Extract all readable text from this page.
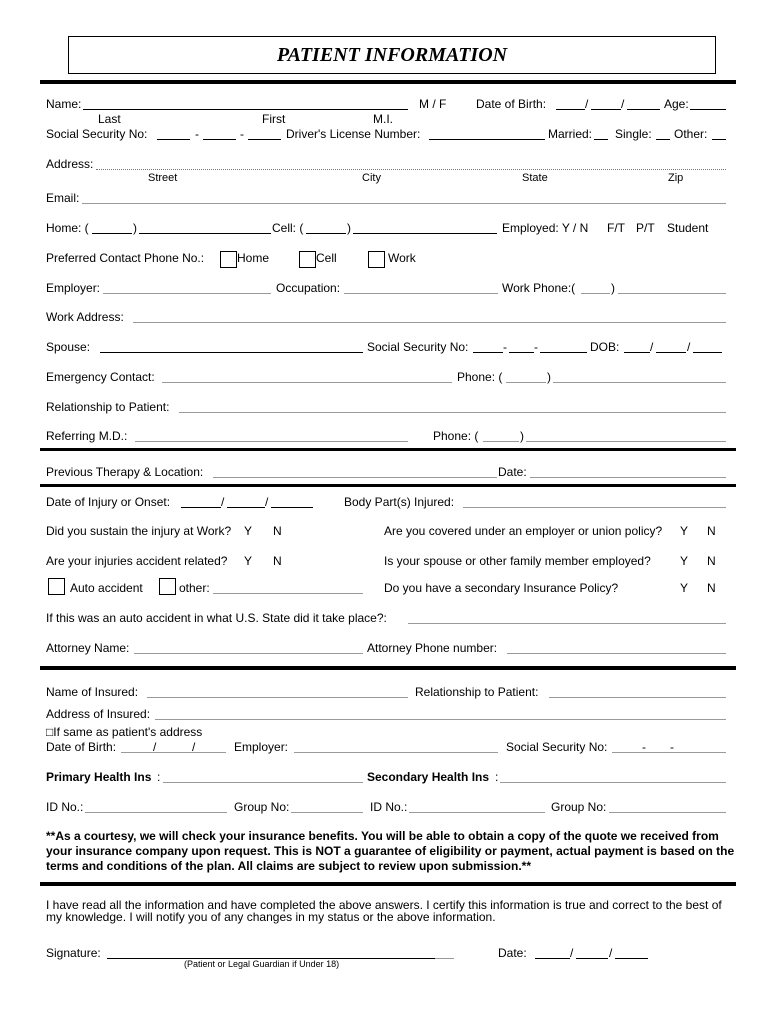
PATIENT INFORMATION
Name:	M / F Date of Birth:	/	/	Age:
Last	First	M.I.
Social Security No:	-	-	Driver's License Number:	Married: Single: Other:
Address:
Street	City	State	Zip
Email:
Home: (	)	Cell: (	)	Employed: Y / N F/T P/T Student
Preferred Contact Phone No.:	Home	Cell	Work
Employer:	Occupation:	Work Phone:(	)
Work Address:
Spouse:	Social Security No:	- -	DOB:	/	/
Emergency Contact:	Phone: (	)
Relationship to Patient:
Referring M.D.:	Phone: (	)
Previous Therapy & Location:	Date:
Date of Injury or Onset:	/	/	Body Part(s) Injured:
Did you sustain the injury at Work? Y N	Are you covered under an employer or union policy? Y N
Are your injuries accident related? Y N	Is your spouse or other family member employed? Y N
Auto accident	other:	Do you have a secondary Insurance Policy?	Y N
If this was an auto accident in what U.S. State did it take place?:
Attorney Name:	Attorney Phone number:
Name of Insured:	Relationship to Patient:
Address of Insured:
□If same as patient's address
Date of Birth:	/	/	Employer:	Social Security No:	- -
Primary Health Ins :	Secondary Health Ins :
ID No.:	Group No:	ID No.:	Group No:
**As a courtesy, we will check your insurance benefits. You will be able to obtain a copy of the quote we received from your insurance company upon request. This is NOT a guarantee of eligibility or payment, actual payment is based on the terms and conditions of the plan. All claims are subject to review upon submission.**
I have read all the information and have completed the above answers. I certify this information is true and correct to the best of my knowledge. I will notify you of any changes in my status or the above information.
Signature:
(Patient or Legal Guardian if Under 18)
Date:	/	/
